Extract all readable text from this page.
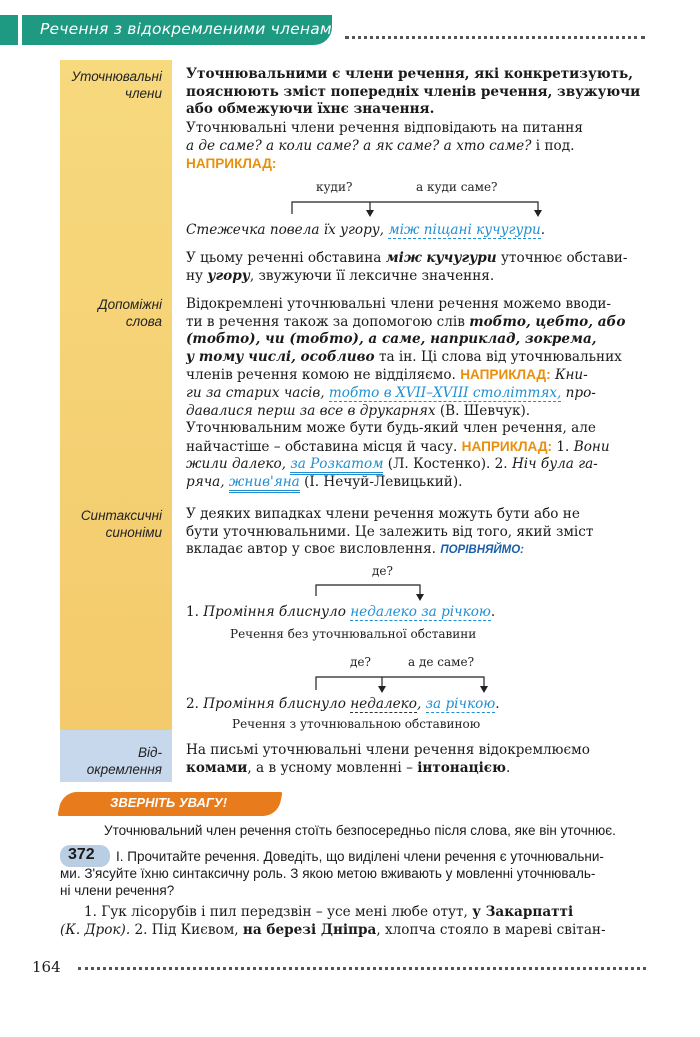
Речення з відокремленими членами
Уточнювальні
члени
Допоміжні
слова
Синтаксичні
синоніми
Від-
окремлення
Уточнювальними є члени речення, які конкретизують,
пояснюють зміст попередніх членів речення, звужуючи
або обмежуючи їхнє значення.
Уточнювальні члени речення відповідають на питання
а де саме? а коли саме? а як саме? а хто саме? і под.
НАПРИКЛАД:
куди?	а куди саме?
Стежечка повела їх угору, між піщані кучугури.
У цьому реченні обставина між кучугури уточнює обстави-
ну угору, звужуючи її лексичне значення.
Відокремлені уточнювальні члени речення можемо вводи-
ти в речення також за допомогою слів тобто, цебто, або
(тобто), чи (тобто), а саме, наприклад, зокрема,
у тому числі, особливо та ін. Ці слова від уточнювальних
членів речення комою не відділяємо. НАПРИКЛАД: Кни-
ги за старих часів, тобто в XVII–XVIII століттях, про-
давалися перш за все в друкарнях (В. Шевчук).
Уточнювальним може бути будь-який член речення, але
найчастіше – обставина місця й часу. НАПРИКЛАД: 1. Вони
жили далеко, за Розкатом (Л. Костенко). 2. Ніч була га-
ряча, жнив'яна (І. Нечуй-Левицький).
У деяких випадках члени речення можуть бути або не
бути уточнювальними. Це залежить від того, який зміст
вкладає автор у своє висловлення. ПОРІВНЯЙМО:
де?
1. Проміння блиснуло недалеко за річкою.
Речення без уточнювальної обставини
де?	а де саме?
2. Проміння блиснуло недалеко, за річкою.
Речення з уточнювальною обставиною
На письмі уточнювальні члени речення відокремлюємо
комами, а в усному мовленні – інтонацією.
ЗВЕРНІТЬ УВАГУ!
Уточнювальний член речення стоїть безпосередньо після слова, яке він уточнює.
372	I. Прочитайте речення. Доведіть, що виділені члени речення є уточнювальни-
ми. З'ясуйте їхню синтаксичну роль. З якою метою вживають у мовленні уточнюваль-
ні члени речення?
1. Гук лісорубів і пил передзвін – усе мені любе отут, у Закарпатті
(К. Дрок). 2. Під Києвом, на березі Дніпра, хлопча стояло в мареві світан-
164
